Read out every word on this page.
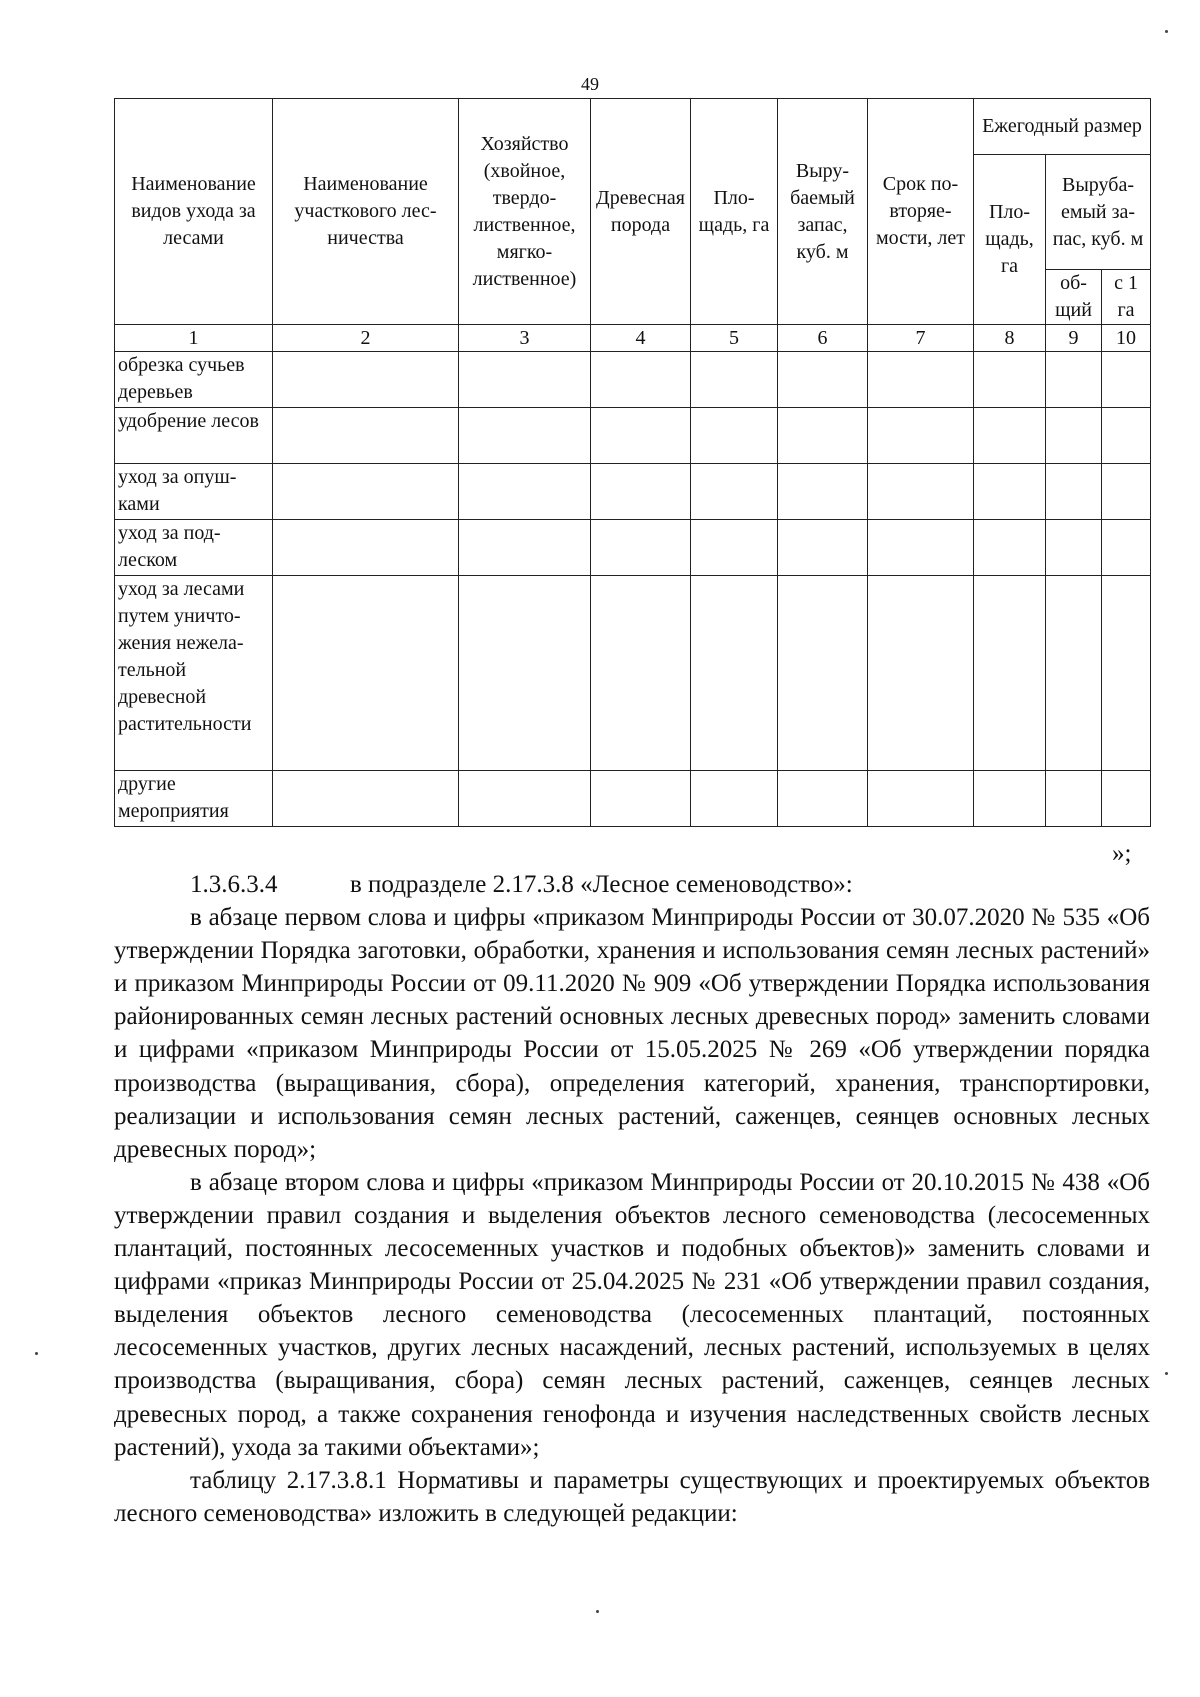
49
Наименование видов ухода за лесами	Наименование участкового лесничества	Хозяйство (хвойное, твердолиственное, мягколиственное)	Древесная порода	Площадь, га	Вырубаемый запас, куб. м	Срок повторяемости, лет	Ежегодный размер		
							Площадь, га	Вырубаемый запас, куб. м	
								общий	с 1 га
1	2	3	4	5	6	7	8	9	10
обрезка сучьев деревьев									
удобрение лесов									
уход за опушками									
уход за подлеском									
уход за лесами путем уничтожения нежелательной древесной растительности									
другие мероприятия									
»;

1.3.6.3.4	в подразделе 2.17.3.8 «Лесное семеноводство»:

в абзаце первом слова и цифры «приказом Минприроды России от 30.07.2020 № 535 «Об утверждении Порядка заготовки, обработки, хранения и использования семян лесных растений» и приказом Минприроды России от 09.11.2020 № 909 «Об утверждении Порядка использования районированных семян лесных растений основных лесных древесных пород» заменить словами и цифрами «приказом Минприроды России от 15.05.2025 № 269 «Об утверждении порядка производства (выращивания, сбора), определения категорий, хранения, транспортировки, реализации и использования семян лесных растений, саженцев, сеянцев основных лесных древесных пород»;

в абзаце втором слова и цифры «приказом Минприроды России от 20.10.2015 № 438 «Об утверждении правил создания и выделения объектов лесного семеноводства (лесосеменных плантаций, постоянных лесосеменных участков и подобных объектов)» заменить словами и цифрами «приказ Минприроды России от 25.04.2025 № 231 «Об утверждении правил создания, выделения объектов лесного семеноводства (лесосеменных плантаций, постоянных лесосеменных участков, других лесных насаждений, лесных растений, используемых в целях производства (выращивания, сбора) семян лесных растений, саженцев, сеянцев лесных древесных пород, а также сохранения генофонда и изучения наследственных свойств лесных растений), ухода за такими объектами»;

таблицу 2.17.3.8.1 Нормативы и параметры существующих и проектируемых объектов лесного семеноводства» изложить в следующей редакции:
